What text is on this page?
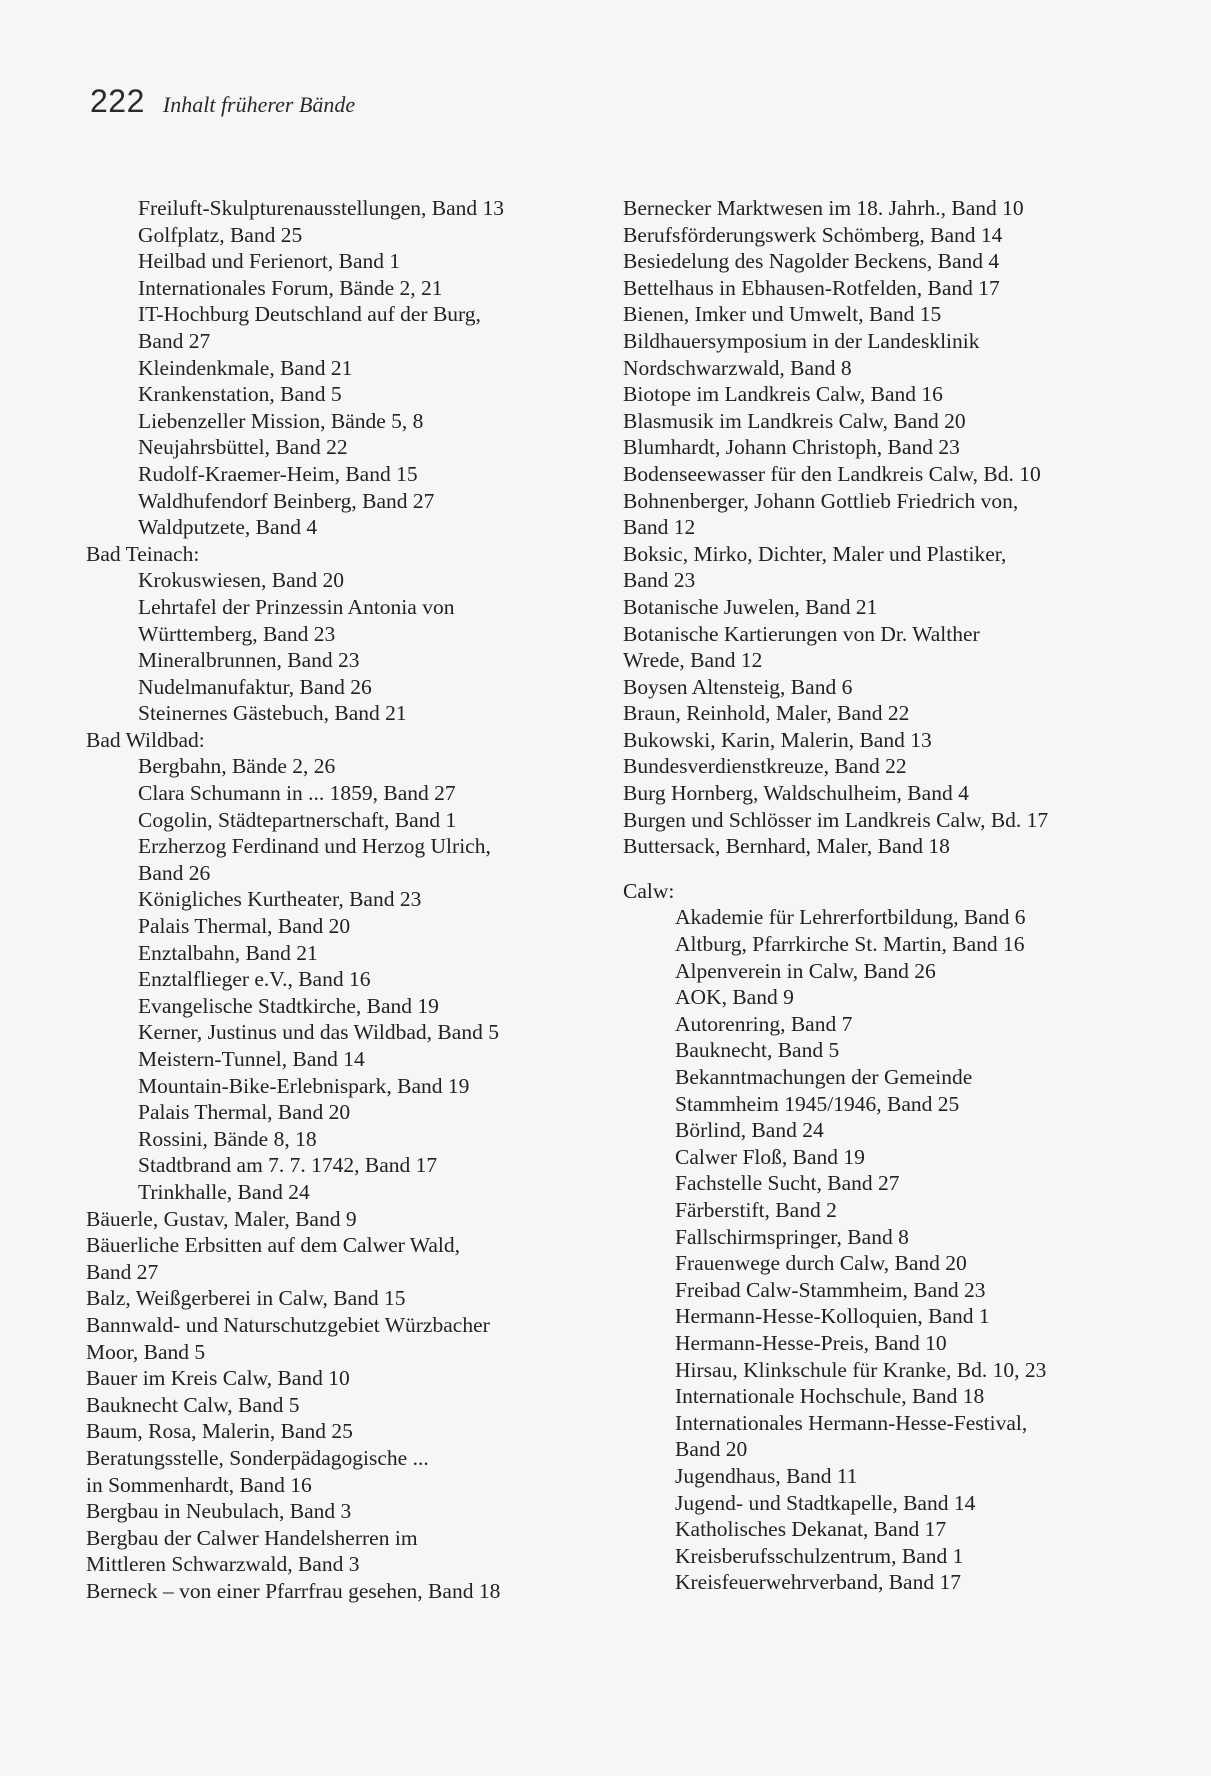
222 Inhalt früherer Bände
Freiluft-Skulpturenausstellungen, Band 13
Golfplatz, Band 25
Heilbad und Ferienort, Band 1
Internationales Forum, Bände 2, 21
IT-Hochburg Deutschland auf der Burg,
Band 27
Kleindenkmale, Band 21
Krankenstation, Band 5
Liebenzeller Mission, Bände 5, 8
Neujahrsbüttel, Band 22
Rudolf-Kraemer-Heim, Band 15
Waldhufendorf Beinberg, Band 27
Waldputzete, Band 4
Bad Teinach:
Krokuswiesen, Band 20
Lehrtafel der Prinzessin Antonia von
Württemberg, Band 23
Mineralbrunnen, Band 23
Nudelmanufaktur, Band 26
Steinernes Gästebuch, Band 21
Bad Wildbad:
Bergbahn, Bände 2, 26
Clara Schumann in ... 1859, Band 27
Cogolin, Städtepartnerschaft, Band 1
Erzherzog Ferdinand und Herzog Ulrich,
Band 26
Königliches Kurtheater, Band 23
Palais Thermal, Band 20
Enztalbahn, Band 21
Enztalflieger e.V., Band 16
Evangelische Stadtkirche, Band 19
Kerner, Justinus und das Wildbad, Band 5
Meistern-Tunnel, Band 14
Mountain-Bike-Erlebnispark, Band 19
Palais Thermal, Band 20
Rossini, Bände 8, 18
Stadtbrand am 7. 7. 1742, Band 17
Trinkhalle, Band 24
Bäuerle, Gustav, Maler, Band 9
Bäuerliche Erbsitten auf dem Calwer Wald,
Band 27
Balz, Weißgerberei in Calw, Band 15
Bannwald- und Naturschutzgebiet Würzbacher
Moor, Band 5
Bauer im Kreis Calw, Band 10
Bauknecht Calw, Band 5
Baum, Rosa, Malerin, Band 25
Beratungsstelle, Sonderpädagogische ...
in Sommenhardt, Band 16
Bergbau in Neubulach, Band 3
Bergbau der Calwer Handelsherren im
Mittleren Schwarzwald, Band 3
Berneck – von einer Pfarrfrau gesehen, Band 18
Bernecker Marktwesen im 18. Jahrh., Band 10
Berufsförderungswerk Schömberg, Band 14
Besiedelung des Nagolder Beckens, Band 4
Bettelhaus in Ebhausen-Rotfelden, Band 17
Bienen, Imker und Umwelt, Band 15
Bildhauersymposium in der Landesklinik
Nordschwarzwald, Band 8
Biotope im Landkreis Calw, Band 16
Blasmusik im Landkreis Calw, Band 20
Blumhardt, Johann Christoph, Band 23
Bodenseewasser für den Landkreis Calw, Bd. 10
Bohnenberger, Johann Gottlieb Friedrich von,
Band 12
Boksic, Mirko, Dichter, Maler und Plastiker,
Band 23
Botanische Juwelen, Band 21
Botanische Kartierungen von Dr. Walther
Wrede, Band 12
Boysen Altensteig, Band 6
Braun, Reinhold, Maler, Band 22
Bukowski, Karin, Malerin, Band 13
Bundesverdienstkreuze, Band 22
Burg Hornberg, Waldschulheim, Band 4
Burgen und Schlösser im Landkreis Calw, Bd. 17
Buttersack, Bernhard, Maler, Band 18
Calw:
Akademie für Lehrerfortbildung, Band 6
Altburg, Pfarrkirche St. Martin, Band 16
Alpenverein in Calw, Band 26
AOK, Band 9
Autorenring, Band 7
Bauknecht, Band 5
Bekanntmachungen der Gemeinde
Stammheim 1945/1946, Band 25
Börlind, Band 24
Calwer Floß, Band 19
Fachstelle Sucht, Band 27
Färberstift, Band 2
Fallschirmspringer, Band 8
Frauenwege durch Calw, Band 20
Freibad Calw-Stammheim, Band 23
Hermann-Hesse-Kolloquien, Band 1
Hermann-Hesse-Preis, Band 10
Hirsau, Klinkschule für Kranke, Bd. 10, 23
Internationale Hochschule, Band 18
Internationales Hermann-Hesse-Festival,
Band 20
Jugendhaus, Band 11
Jugend- und Stadtkapelle, Band 14
Katholisches Dekanat, Band 17
Kreisberufsschulzentrum, Band 1
Kreisfeuerwehrverband, Band 17
